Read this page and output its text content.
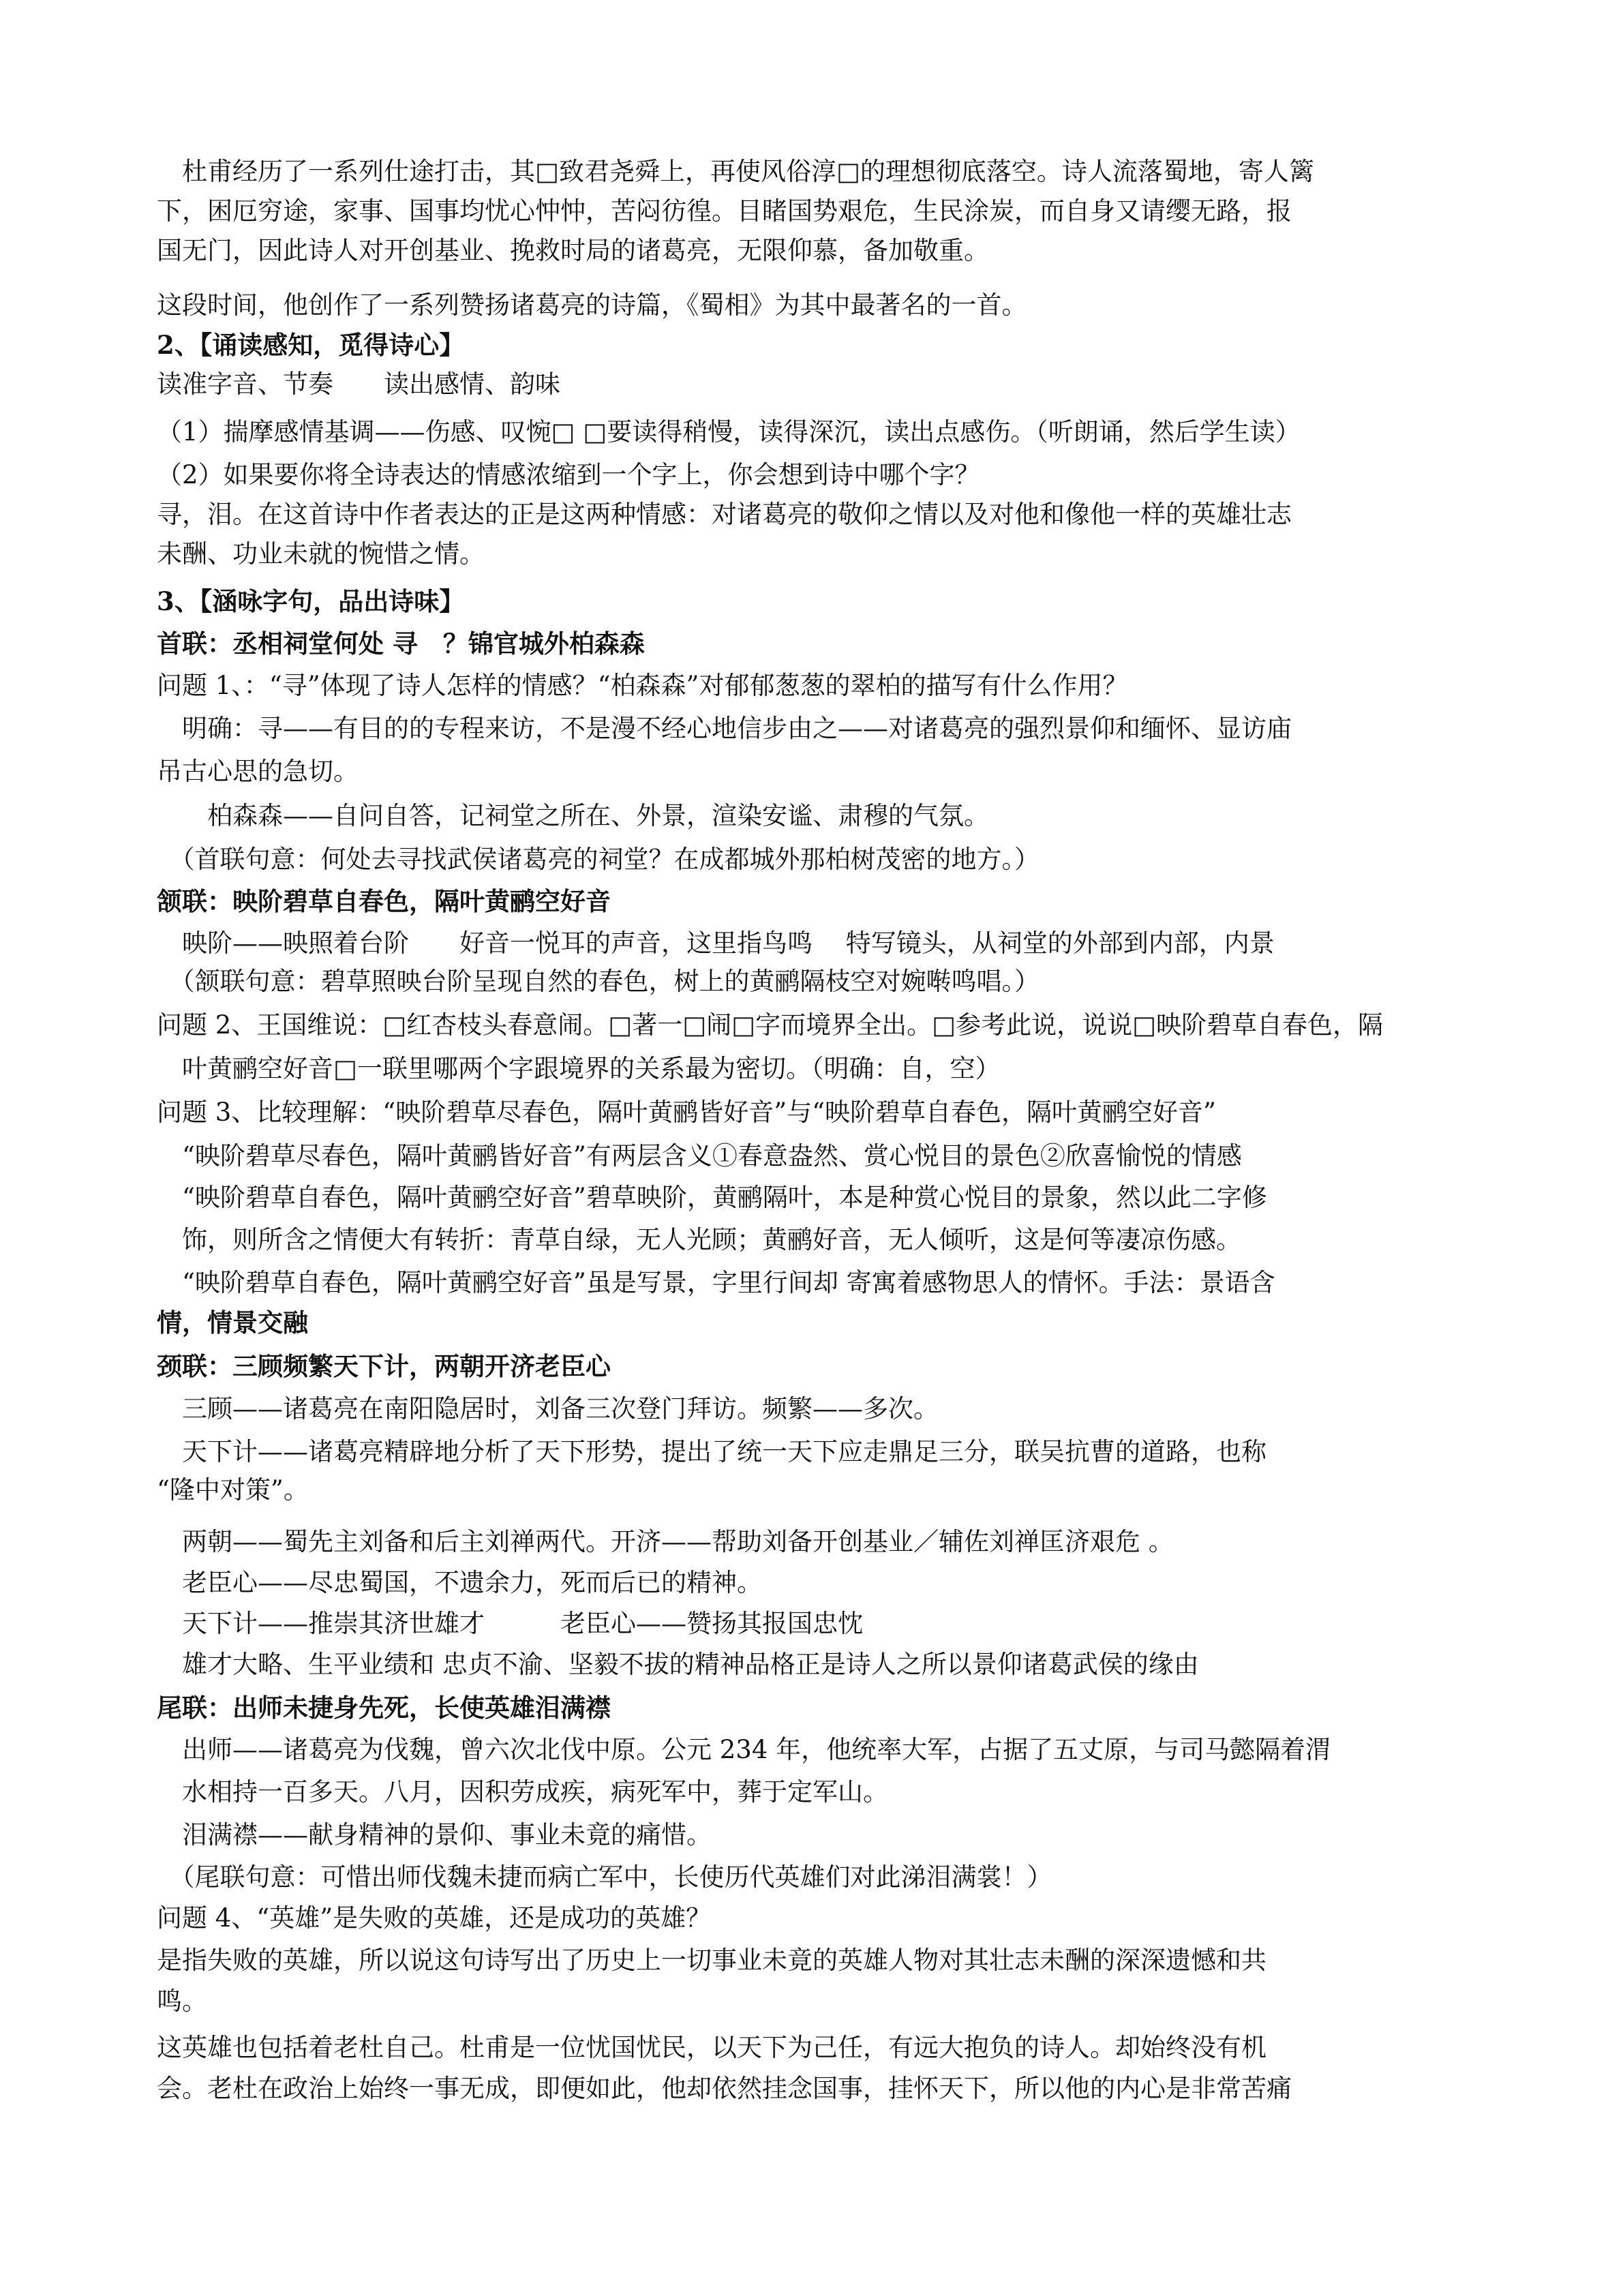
　杜甫经历了一系列仕途打击，其□致君尧舜上，再使风俗淳□的理想彻底落空。诗人流落蜀地，寄人篱
下，困厄穷途，家事、国事均忧心忡忡，苦闷彷徨。目睹国势艰危，生民涂炭，而自身又请缨无路，报
国无门，因此诗人对开创基业、挽救时局的诸葛亮，无限仰慕，备加敬重。
这段时间，他创作了一系列赞扬诸葛亮的诗篇，《蜀相》为其中最著名的一首。
2、【诵读感知，觅得诗心】
读准字音、节奏　　读出感情、韵味
（1）揣摩感情基调——伤感、叹惋□ □要读得稍慢，读得深沉，读出点感伤。（听朗诵，然后学生读）
（2）如果要你将全诗表达的情感浓缩到一个字上，你会想到诗中哪个字？
寻，泪。在这首诗中作者表达的正是这两种情感：对诸葛亮的敬仰之情以及对他和像他一样的英雄壮志
未酬、功业未就的惋惜之情。
3、【涵咏字句，品出诗味】
首联：丞相祠堂何处 寻　？锦官城外柏森森
问题 1、：“寻”体现了诗人怎样的情感？“柏森森”对郁郁葱葱的翠柏的描写有什么作用？
　明确：寻——有目的的专程来访，不是漫不经心地信步由之——对诸葛亮的强烈景仰和缅怀、显访庙
吊古心思的急切。
　　柏森森——自问自答，记祠堂之所在、外景，渲染安谧、肃穆的气氛。
　（首联句意：何处去寻找武侯诸葛亮的祠堂？在成都城外那柏树茂密的地方。）
颔联：映阶碧草自春色，隔叶黄鹂空好音
　映阶——映照着台阶　　好音一悦耳的声音，这里指鸟鸣　 特写镜头，从祠堂的外部到内部，内景
　（颔联句意：碧草照映台阶呈现自然的春色，树上的黄鹂隔枝空对婉啭鸣唱。）
问题 2、王国维说：□红杏枝头春意闹。□著一□闹□字而境界全出。□参考此说，说说□映阶碧草自春色，隔
　叶黄鹂空好音□一联里哪两个字跟境界的关系最为密切。（明确：自，空）
问题 3、比较理解：“映阶碧草尽春色，隔叶黄鹂皆好音”与“映阶碧草自春色，隔叶黄鹂空好音”
　“映阶碧草尽春色，隔叶黄鹂皆好音”有两层含义①春意盎然、赏心悦目的景色②欣喜愉悦的情感
　“映阶碧草自春色，隔叶黄鹂空好音”碧草映阶，黄鹂隔叶，本是种赏心悦目的景象，然以此二字修
　饰，则所含之情便大有转折：青草自绿，无人光顾；黄鹂好音，无人倾听，这是何等凄凉伤感。
　“映阶碧草自春色，隔叶黄鹂空好音”虽是写景，字里行间却 寄寓着感物思人的情怀。手法：景语含
情，情景交融
颈联：三顾频繁天下计，两朝开济老臣心
　三顾——诸葛亮在南阳隐居时，刘备三次登门拜访。频繁——多次。
　天下计——诸葛亮精辟地分析了天下形势，提出了统一天下应走鼎足三分，联吴抗曹的道路，也称
“隆中对策”。
　两朝——蜀先主刘备和后主刘禅两代。开济——帮助刘备开创基业／辅佐刘禅匡济艰危 。
　老臣心——尽忠蜀国，不遗余力，死而后已的精神。
　天下计——推崇其济世雄才　　　老臣心——赞扬其报国忠忱
　雄才大略、生平业绩和 忠贞不渝、坚毅不拔的精神品格正是诗人之所以景仰诸葛武侯的缘由
尾联：出师未捷身先死，长使英雄泪满襟
　出师——诸葛亮为伐魏，曾六次北伐中原。公元 234 年，他统率大军，占据了五丈原，与司马懿隔着渭
　水相持一百多天。八月，因积劳成疾，病死军中，葬于定军山。
　泪满襟——献身精神的景仰、事业未竟的痛惜。
　（尾联句意：可惜出师伐魏未捷而病亡军中，长使历代英雄们对此涕泪满裳！）
问题 4、“英雄”是失败的英雄，还是成功的英雄？
是指失败的英雄，所以说这句诗写出了历史上一切事业未竟的英雄人物对其壮志未酬的深深遗憾和共
鸣。
这英雄也包括着老杜自己。杜甫是一位忧国忧民，以天下为己任，有远大抱负的诗人。却始终没有机
会。老杜在政治上始终一事无成，即便如此，他却依然挂念国事，挂怀天下，所以他的内心是非常苦痛
